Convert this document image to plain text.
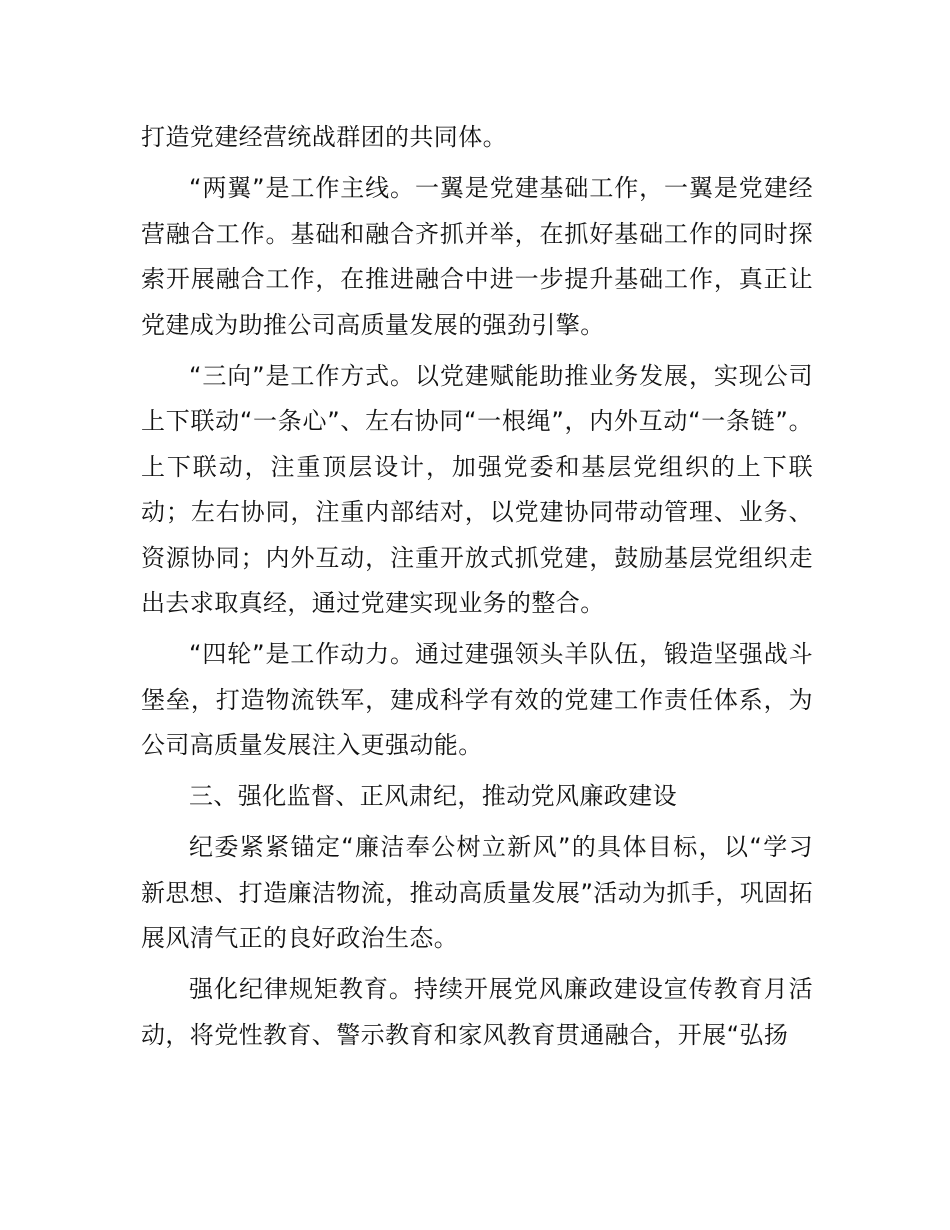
打造党建经营统战群团的共同体。

“两翼”是工作主线。一翼是党建基础工作，一翼是党建经营融合工作。基础和融合齐抓并举，在抓好基础工作的同时探索开展融合工作，在推进融合中进一步提升基础工作，真正让党建成为助推公司高质量发展的强劲引擎。

“三向”是工作方式。以党建赋能助推业务发展，实现公司上下联动“一条心”、左右协同“一根绳”，内外互动“一条链”。上下联动，注重顶层设计，加强党委和基层党组织的上下联动；左右协同，注重内部结对，以党建协同带动管理、业务、资源协同；内外互动，注重开放式抓党建，鼓励基层党组织走出去求取真经，通过党建实现业务的整合。

“四轮”是工作动力。通过建强领头羊队伍，锻造坚强战斗堡垒，打造物流铁军，建成科学有效的党建工作责任体系，为公司高质量发展注入更强动能。

三、强化监督、正风肃纪，推动党风廉政建设

纪委紧紧锚定“廉洁奉公树立新风”的具体目标，以“学习新思想、打造廉洁物流，推动高质量发展”活动为抓手，巩固拓展风清气正的良好政治生态。

强化纪律规矩教育。持续开展党风廉政建设宣传教育月活动，将党性教育、警示教育和家风教育贯通融合，开展“弘扬
